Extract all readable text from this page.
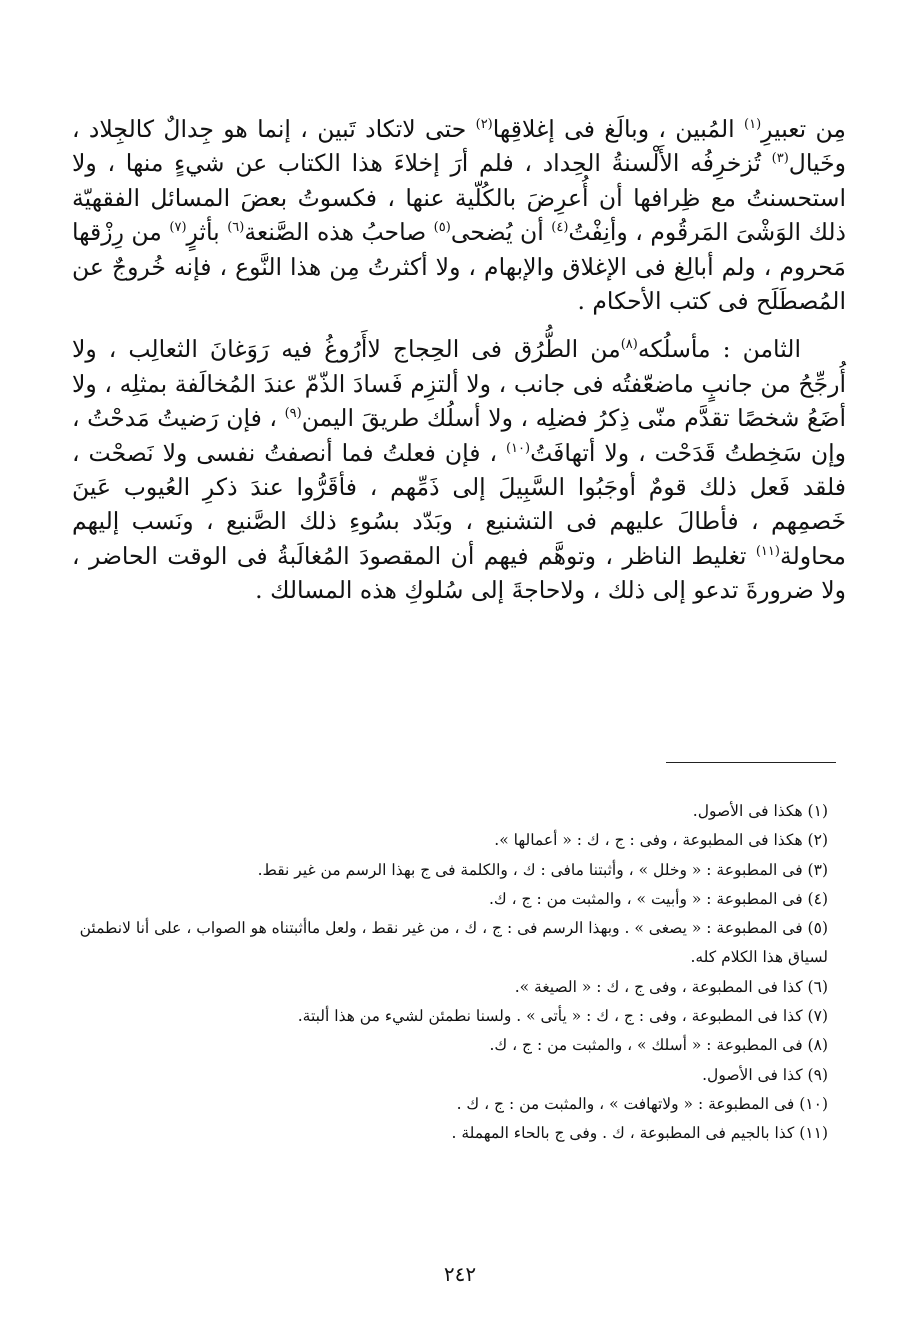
مِن تعبيرِ$^{(١)}$ المُبين ، وبالَغ فى إغلاقِها$^{(٢)}$ حتى لاتكاد تَبين ، إنما هو جِدالٌ كالجِلاد ، وخَيال$^{(٣)}$ تُزخرِفُه الأَلْسنةُ الحِداد ، فلم أرَ إخلاءَ هذا الكتاب عن شيءٍ منها ، ولا استحسنتُ مع ظِرافها أن أُعرِضَ بالكُلّية عنها ، فكسوتُ بعضَ المسائل الفقهيّة ذلك الوَشْىَ المَرقُوم ، وأنِفْتُ$^{(٤)}$ أن يُضحى$^{(٥)}$ صاحبُ هذه الصَّنعة$^{(٦)}$ بأثرٍ$^{(٧)}$ من رِزْقها مَحروم ، ولم أبالِغ فى الإغلاق والإبهام ، ولا أكثرتُ مِن هذا النَّوع ، فإنه خُروجٌ عن المُصطَلَح فى كتب الأحكام .

الثامن : مأسلُكه$^{(٨)}$من الطُّرُق فى الحِجاج لاأَرُوغُ فيه رَوَغانَ الثعالِب ، ولا أُرجِّحُ من جانبٍ ماضعّفتُه فى جانب ، ولا ألتزِم فَسادَ الذّمّ عندَ المُخالَفة بمثلِه ، ولا أضَعُ شخصًا تقدَّم منّى ذِكرُ فضلِه ، ولا أسلُك طريقَ اليمن$^{(٩)}$ ، فإن رَضيتُ مَدحْتُ ، وإن سَخِطتُ قَدَحْت ، ولا أتهافَتُ$^{(١٠)}$ ، فإن فعلتُ فما أنصفتُ نفسى ولا نَصحْت ، فلقد فَعل ذلك قومٌ أوجَبُوا السَّبِيلَ إلى ذَمِّهم ، فأقَرُّوا عندَ ذكرِ العُيوب عَينَ خَصمِهم ، فأطالَ عليهم فى التشنيع ، وبَدّد بسُوءِ ذلك الصَّنيع ، ونَسب إليهم محاولة$^{(١١)}$ تغليط الناظر ، وتوهَّم فيهم أن المقصودَ المُغالَبةُ فى الوقت الحاضر ، ولا ضرورةَ تدعو إلى ذلك ، ولاحاجةَ إلى سُلوكِ هذه المسالك .

(١) هكذا فى الأصول.

(٢) هكذا فى المطبوعة ، وفى : ج ، ك : « أعمالها ».

(٣) فى المطبوعة : « وخلل » ، وأثبتنا مافى : ك ، والكلمة فى ج بهذا الرسم من غير نقط.

(٤) فى المطبوعة : « وأبيت » ، والمثبت من : ج ، ك.

(٥) فى المطبوعة : « يصغى » . وبهذا الرسم فى : ج ، ك ، من غير نقط ، ولعل ماأثبتناه هو الصواب ، على أنا لانطمئن لسياق هذا الكلام كله.

(٦) كذا فى المطبوعة ، وفى ج ، ك : « الصيغة ».

(٧) كذا فى المطبوعة ، وفى : ج ، ك : « يأتى » . ولسنا نطمئن لشيء من هذا ألبتة.

(٨) فى المطبوعة : « أسلك » ، والمثبت من : ج ، ك.

(٩) كذا فى الأصول.

(١٠) فى المطبوعة : « ولاتهافت » ، والمثبت من : ج ، ك .

(١١) كذا بالجيم فى المطبوعة ، ك . وفى ج بالحاء المهملة .

٢٤٢
